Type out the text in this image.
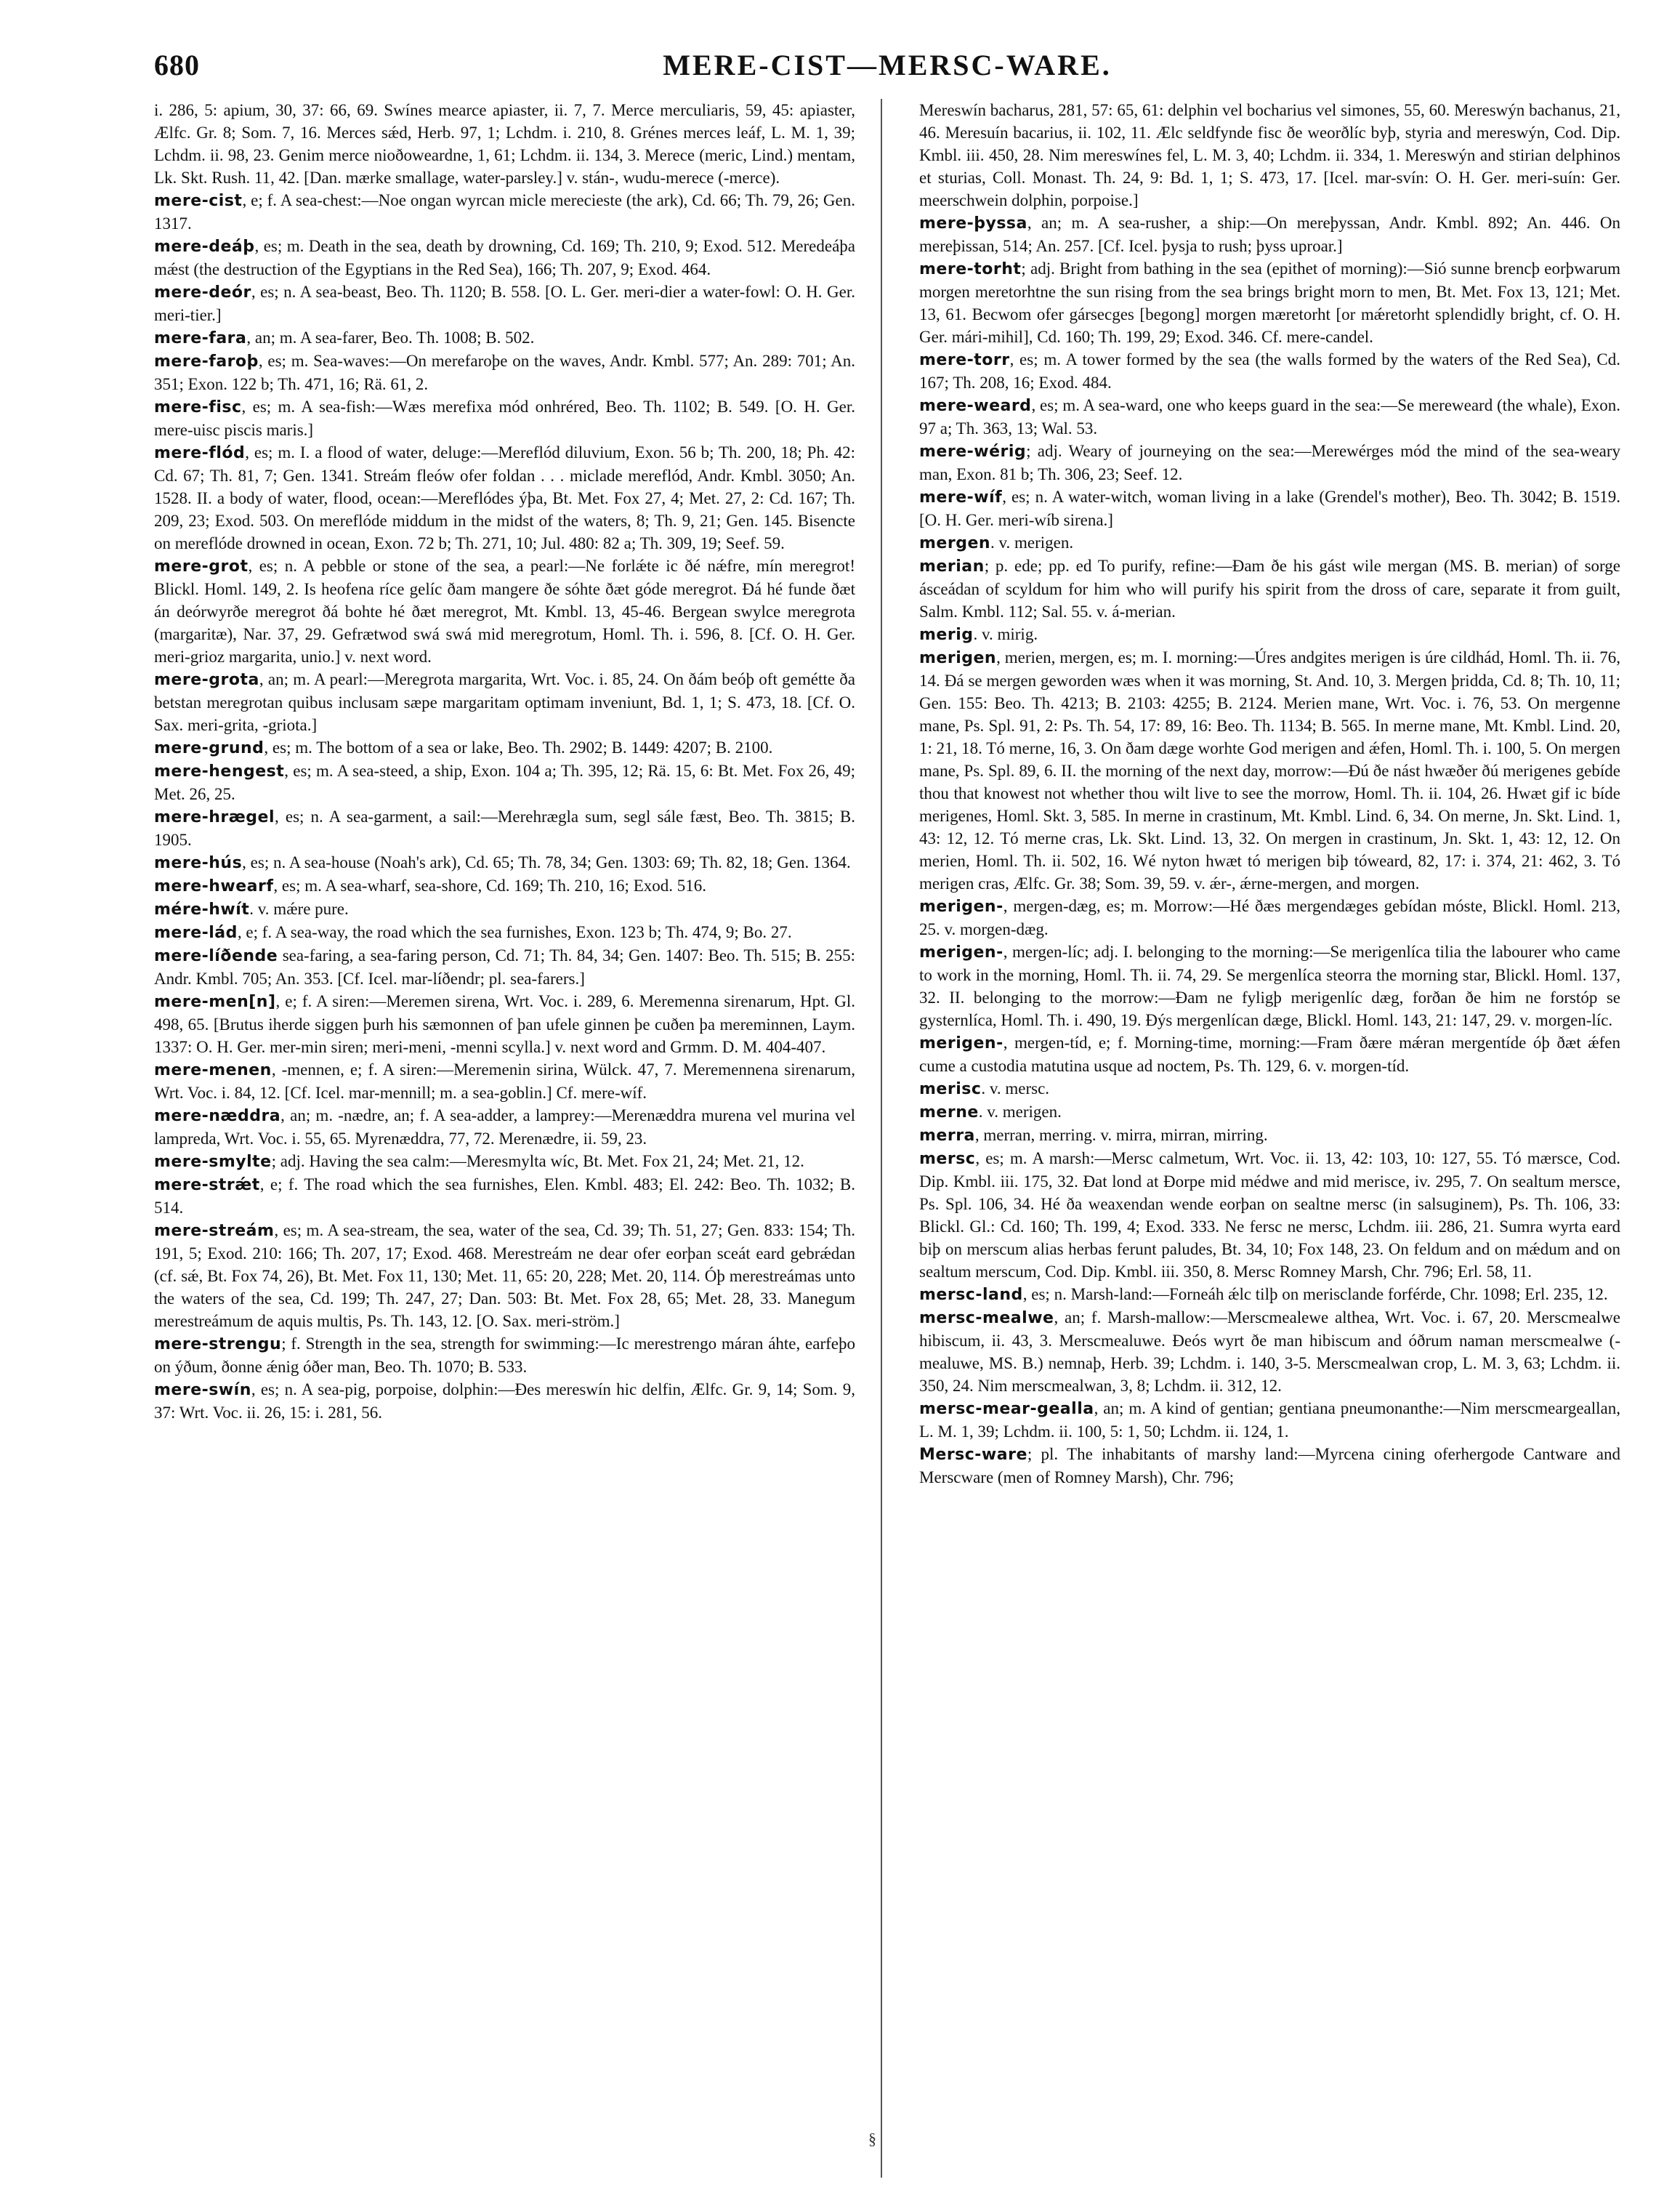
680	MERE-CIST—MERSC-WARE.

i. 286, 5: apium, 30, 37: 66, 69. Swínes mearce apiaster, ii. 7, 7. Merce merculiaris, 59, 45: apiaster, Ælfc. Gr. 8; Som. 7, 16. Merces sǽd, Herb. 97, 1; Lchdm. i. 210, 8. Grénes merces leáf, L. M. 1, 39; Lchdm. ii. 98, 23. Genim merce nioðoweardne, 1, 61; Lchdm. ii. 134, 3. Merece (meric, Lind.) mentam, Lk. Skt. Rush. 11, 42. [Dan. mærke smallage, water-parsley.] v. stán-, wudu-merece (-merce).

mere-cist, e; f. A sea-chest:—Noe ongan wyrcan micle merecieste (the ark), Cd. 66; Th. 79, 26; Gen. 1317.

mere-deáþ, es; m. Death in the sea, death by drowning, Cd. 169; Th. 210, 9; Exod. 512. Meredeáþa mǽst (the destruction of the Egyptians in the Red Sea), 166; Th. 207, 9; Exod. 464.

mere-deór, es; n. A sea-beast, Beo. Th. 1120; B. 558. [O. L. Ger. meri-dier a water-fowl: O. H. Ger. meri-tier.]

mere-fara, an; m. A sea-farer, Beo. Th. 1008; B. 502.

mere-faroþ, es; m. Sea-waves:—On merefaroþe on the waves, Andr. Kmbl. 577; An. 289: 701; An. 351; Exon. 122 b; Th. 471, 16; Rä. 61, 2.

mere-fisc, es; m. A sea-fish:—Wæs merefixa mód onhréred, Beo. Th. 1102; B. 549. [O. H. Ger. mere-uisc piscis maris.]

mere-flód, es; m. I. a flood of water, deluge:—Mereflód diluvium, Exon. 56 b; Th. 200, 18; Ph. 42: Cd. 67; Th. 81, 7; Gen. 1341. Streám fleów ofer foldan . . . miclade mereflód, Andr. Kmbl. 3050; An. 1528. II. a body of water, flood, ocean:—Mereflódes ýþa, Bt. Met. Fox 27, 4; Met. 27, 2: Cd. 167; Th. 209, 23; Exod. 503. On mereflóde middum in the midst of the waters, 8; Th. 9, 21; Gen. 145. Bisencte on mereflóde drowned in ocean, Exon. 72 b; Th. 271, 10; Jul. 480: 82 a; Th. 309, 19; Seef. 59.

mere-grot, es; n. A pebble or stone of the sea, a pearl:—Ne forlǽte ic ðé nǽfre, mín meregrot! Blickl. Homl. 149, 2. Is heofena ríce gelíc ðam mangere ðe sóhte ðæt góde meregrot. Ðá hé funde ðæt án deórwyrðe meregrot ðá bohte hé ðæt meregrot, Mt. Kmbl. 13, 45-46. Bergean swylce meregrota (margaritæ), Nar. 37, 29. Gefrætwod swá swá mid meregrotum, Homl. Th. i. 596, 8. [Cf. O. H. Ger. meri-grioz margarita, unio.] v. next word.

mere-grota, an; m. A pearl:—Meregrota margarita, Wrt. Voc. i. 85, 24. On ðám beóþ oft gemétte ða betstan meregrotan quibus inclusam sæpe margaritam optimam inveniunt, Bd. 1, 1; S. 473, 18. [Cf. O. Sax. meri-grita, -griota.]

mere-grund, es; m. The bottom of a sea or lake, Beo. Th. 2902; B. 1449: 4207; B. 2100.

mere-hengest, es; m. A sea-steed, a ship, Exon. 104 a; Th. 395, 12; Rä. 15, 6: Bt. Met. Fox 26, 49; Met. 26, 25.

mere-hrægel, es; n. A sea-garment, a sail:—Merehrægla sum, segl sále fæst, Beo. Th. 3815; B. 1905.

mere-hús, es; n. A sea-house (Noah's ark), Cd. 65; Th. 78, 34; Gen. 1303: 69; Th. 82, 18; Gen. 1364.

mere-hwearf, es; m. A sea-wharf, sea-shore, Cd. 169; Th. 210, 16; Exod. 516.

mére-hwít. v. mǽre pure.

mere-lád, e; f. A sea-way, the road which the sea furnishes, Exon. 123 b; Th. 474, 9; Bo. 27.

mere-líðende sea-faring, a sea-faring person, Cd. 71; Th. 84, 34; Gen. 1407: Beo. Th. 515; B. 255: Andr. Kmbl. 705; An. 353. [Cf. Icel. mar-líðendr; pl. sea-farers.]

mere-men[n], e; f. A siren:—Meremen sirena, Wrt. Voc. i. 289, 6. Meremenna sirenarum, Hpt. Gl. 498, 65. [Brutus iherde siggen þurh his sæmonnen of þan ufele ginnen þe cuðen þa mereminnen, Laym. 1337: O. H. Ger. mer-min siren; meri-meni, -menni scylla.] v. next word and Grmm. D. M. 404-407.

mere-menen, -mennen, e; f. A siren:—Meremenin sirina, Wülck. 47, 7. Meremennena sirenarum, Wrt. Voc. i. 84, 12. [Cf. Icel. mar-mennill; m. a sea-goblin.] Cf. mere-wíf.

mere-næddra, an; m. -nædre, an; f. A sea-adder, a lamprey:—Merenæddra murena vel murina vel lampreda, Wrt. Voc. i. 55, 65. Myrenæddra, 77, 72. Merenædre, ii. 59, 23.

mere-smylte; adj. Having the sea calm:—Meresmylta wíc, Bt. Met. Fox 21, 24; Met. 21, 12.

mere-strǽt, e; f. The road which the sea furnishes, Elen. Kmbl. 483; El. 242: Beo. Th. 1032; B. 514.

mere-streám, es; m. A sea-stream, the sea, water of the sea, Cd. 39; Th. 51, 27; Gen. 833: 154; Th. 191, 5; Exod. 210: 166; Th. 207, 17; Exod. 468. Merestreám ne dear ofer eorþan sceát eard gebrǽdan (cf. sǽ, Bt. Fox 74, 26), Bt. Met. Fox 11, 130; Met. 11, 65: 20, 228; Met. 20, 114. Óþ merestreámas unto the waters of the sea, Cd. 199; Th. 247, 27; Dan. 503: Bt. Met. Fox 28, 65; Met. 28, 33. Manegum merestreámum de aquis multis, Ps. Th. 143, 12. [O. Sax. meri-ström.]

mere-strengu; f. Strength in the sea, strength for swimming:—Ic merestrengo máran áhte, earfeþo on ýðum, ðonne ǽnig óðer man, Beo. Th. 1070; B. 533.

mere-swín, es; n. A sea-pig, porpoise, dolphin:—Ðes mereswín hic delfin, Ælfc. Gr. 9, 14; Som. 9, 37: Wrt. Voc. ii. 26, 15: i. 281, 56.

Mereswín bacharus, 281, 57: 65, 61: delphin vel bocharius vel simones, 55, 60. Mereswýn bachanus, 21, 46. Meresuín bacarius, ii. 102, 11. Ælc seldfynde fisc ðe weorðlíc byþ, styria and mereswýn, Cod. Dip. Kmbl. iii. 450, 28. Nim mereswínes fel, L. M. 3, 40; Lchdm. ii. 334, 1. Mereswýn and stirian delphinos et sturias, Coll. Monast. Th. 24, 9: Bd. 1, 1; S. 473, 17. [Icel. mar-svín: O. H. Ger. meri-suín: Ger. meerschwein dolphin, porpoise.]

mere-þyssa, an; m. A sea-rusher, a ship:—On mereþyssan, Andr. Kmbl. 892; An. 446. On mereþissan, 514; An. 257. [Cf. Icel. þysja to rush; þyss uproar.]

mere-torht; adj. Bright from bathing in the sea (epithet of morning):—Sió sunne brencþ eorþwarum morgen meretorhtne the sun rising from the sea brings bright morn to men, Bt. Met. Fox 13, 121; Met. 13, 61. Becwom ofer gársecges [begong] morgen mæretorht [or mǽretorht splendidly bright, cf. O. H. Ger. mári-mihil], Cd. 160; Th. 199, 29; Exod. 346. Cf. mere-candel.

mere-torr, es; m. A tower formed by the sea (the walls formed by the waters of the Red Sea), Cd. 167; Th. 208, 16; Exod. 484.

mere-weard, es; m. A sea-ward, one who keeps guard in the sea:—Se mereweard (the whale), Exon. 97 a; Th. 363, 13; Wal. 53.

mere-wérig; adj. Weary of journeying on the sea:—Merewérges mód the mind of the sea-weary man, Exon. 81 b; Th. 306, 23; Seef. 12.

mere-wíf, es; n. A water-witch, woman living in a lake (Grendel's mother), Beo. Th. 3042; B. 1519. [O. H. Ger. meri-wíb sirena.]

mergen. v. merigen.

merian; p. ede; pp. ed To purify, refine:—Ðam ðe his gást wile mergan (MS. B. merian) of sorge ásceádan of scyldum for him who will purify his spirit from the dross of care, separate it from guilt, Salm. Kmbl. 112; Sal. 55. v. á-merian.

merig. v. mirig.

merigen, merien, mergen, es; m. I. morning:—Úres andgites merigen is úre cildhád, Homl. Th. ii. 76, 14. Ðá se mergen geworden wæs when it was morning, St. And. 10, 3. Mergen þridda, Cd. 8; Th. 10, 11; Gen. 155: Beo. Th. 4213; B. 2103: 4255; B. 2124. Merien mane, Wrt. Voc. i. 76, 53. On mergenne mane, Ps. Spl. 91, 2: Ps. Th. 54, 17: 89, 16: Beo. Th. 1134; B. 565. In merne mane, Mt. Kmbl. Lind. 20, 1: 21, 18. Tó merne, 16, 3. On ðam dæge worhte God merigen and ǽfen, Homl. Th. i. 100, 5. On mergen mane, Ps. Spl. 89, 6. II. the morning of the next day, morrow:—Ðú ðe nást hwæðer ðú merigenes gebíde thou that knowest not whether thou wilt live to see the morrow, Homl. Th. ii. 104, 26. Hwæt gif ic bíde merigenes, Homl. Skt. 3, 585. In merne in crastinum, Mt. Kmbl. Lind. 6, 34. On merne, Jn. Skt. Lind. 1, 43: 12, 12. Tó merne cras, Lk. Skt. Lind. 13, 32. On mergen in crastinum, Jn. Skt. 1, 43: 12, 12. On merien, Homl. Th. ii. 502, 16. Wé nyton hwæt tó merigen biþ tóweard, 82, 17: i. 374, 21: 462, 3. Tó merigen cras, Ælfc. Gr. 38; Som. 39, 59. v. ǽr-, ǽrne-mergen, and morgen.

merigen-, mergen-dæg, es; m. Morrow:—Hé ðæs mergendæges gebídan móste, Blickl. Homl. 213, 25. v. morgen-dæg.

merigen-, mergen-líc; adj. I. belonging to the morning:—Se merigenlíca tilia the labourer who came to work in the morning, Homl. Th. ii. 74, 29. Se mergenlíca steorra the morning star, Blickl. Homl. 137, 32. II. belonging to the morrow:—Ðam ne fyligþ merigenlíc dæg, forðan ðe him ne forstóp se gysternlíca, Homl. Th. i. 490, 19. Ðýs mergenlícan dæge, Blickl. Homl. 143, 21: 147, 29. v. morgen-líc.

merigen-, mergen-tíd, e; f. Morning-time, morning:—Fram ðære mǽran mergentíde óþ ðæt ǽfen cume a custodia matutina usque ad noctem, Ps. Th. 129, 6. v. morgen-tíd.

merisc. v. mersc.

merne. v. merigen.

merra, merran, merring. v. mirra, mirran, mirring.

mersc, es; m. A marsh:—Mersc calmetum, Wrt. Voc. ii. 13, 42: 103, 10: 127, 55. Tó mærsce, Cod. Dip. Kmbl. iii. 175, 32. Ðat lond at Ðorpe mid médwe and mid merisce, iv. 295, 7. On sealtum mersce, Ps. Spl. 106, 34. Hé ða weaxendan wende eorþan on sealtne mersc (in salsuginem), Ps. Th. 106, 33: Blickl. Gl.: Cd. 160; Th. 199, 4; Exod. 333. Ne fersc ne mersc, Lchdm. iii. 286, 21. Sumra wyrta eard biþ on merscum alias herbas ferunt paludes, Bt. 34, 10; Fox 148, 23. On feldum and on mǽdum and on sealtum merscum, Cod. Dip. Kmbl. iii. 350, 8. Mersc Romney Marsh, Chr. 796; Erl. 58, 11.

mersc-land, es; n. Marsh-land:—Forneáh ǽlc tilþ on merisclande forférde, Chr. 1098; Erl. 235, 12.

mersc-mealwe, an; f. Marsh-mallow:—Merscmealewe althea, Wrt. Voc. i. 67, 20. Merscmealwe hibiscum, ii. 43, 3. Merscmealuwe. Ðeós wyrt ðe man hibiscum and óðrum naman merscmealwe (-mealuwe, MS. B.) nemnaþ, Herb. 39; Lchdm. i. 140, 3-5. Merscmealwan crop, L. M. 3, 63; Lchdm. ii. 350, 24. Nim merscmealwan, 3, 8; Lchdm. ii. 312, 12.

mersc-mear-gealla, an; m. A kind of gentian; gentiana pneumonanthe:—Nim merscmeargeallan, L. M. 1, 39; Lchdm. ii. 100, 5: 1, 50; Lchdm. ii. 124, 1.

Mersc-ware; pl. The inhabitants of marshy land:—Myrcena cining oferhergode Cantware and Merscware (men of Romney Marsh), Chr. 796;

§
